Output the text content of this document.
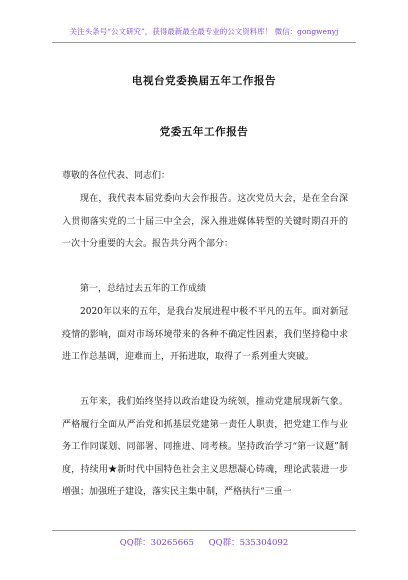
关注头条号“公文研究”，获得最新最全最专业的公文资料库！ 微信：gongwenyj
电视台党委换届五年工作报告
党委五年工作报告

尊敬的各位代表、同志们：

现在，我代表本届党委向大会作报告。这次党员大会，是在全台深入贯彻落实党的二十届三中全会，深入推进媒体转型的关键时期召开的一次十分重要的大会。报告共分两个部分：

第一，总结过去五年的工作成绩

2020年以来的五年，是我台发展进程中极不平凡的五年。面对新冠疫情的影响，面对市场环境带来的各种不确定性因素，我们坚持稳中求进工作总基调，迎难而上，开拓进取，取得了一系列重大突破。

五年来，我们始终坚持以政治建设为统领，推动党建展现新气象。严格履行全面从严治党和抓基层党建第一责任人职责，把党建工作与业务工作同谋划、同部署、同推进、同考核。坚持政治学习“第一议题”制度，持续用★新时代中国特色社会主义思想凝心铸魂，理论武装进一步增强；加强班子建设，落实民主集中制，严格执行“三重一

QQ群：30265665 QQ群：535304092
